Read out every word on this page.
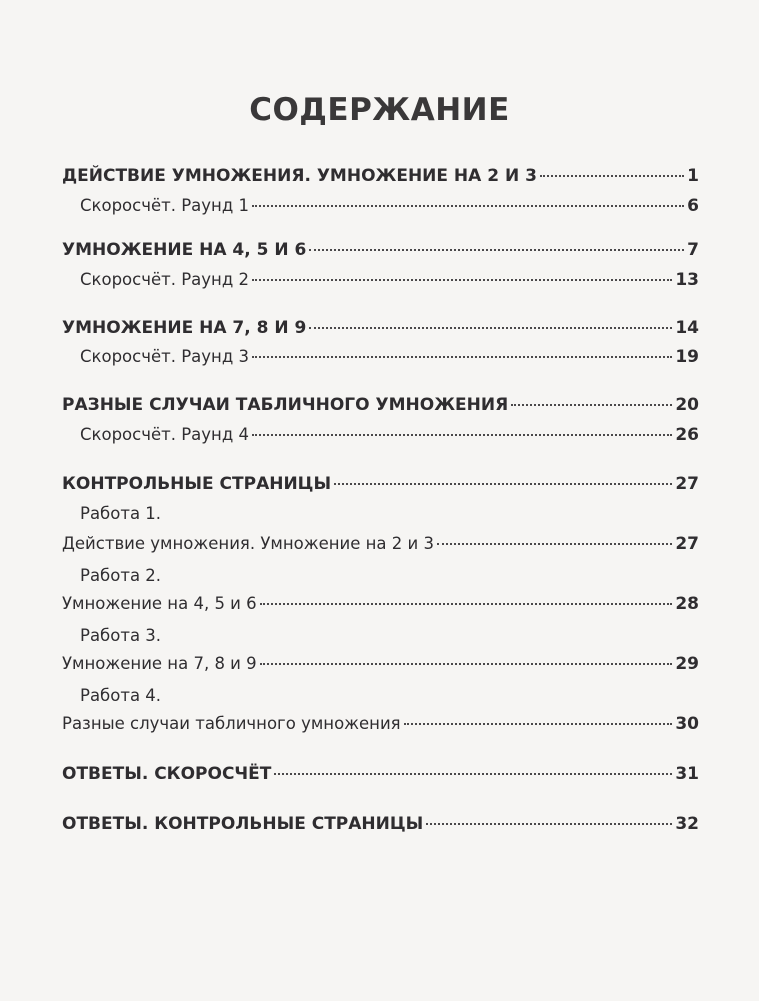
СОДЕРЖАНИЕ
ДЕЙСТВИЕ УМНОЖЕНИЯ. УМНОЖЕНИЕ НА 2 И 3	1
Скоросчёт. Раунд 1	6
УМНОЖЕНИЕ НА 4, 5 И 6	7
Скоросчёт. Раунд 2	13
УМНОЖЕНИЕ НА 7, 8 И 9	14
Скоросчёт. Раунд 3	19
РАЗНЫЕ СЛУЧАИ ТАБЛИЧНОГО УМНОЖЕНИЯ	20
Скоросчёт. Раунд 4	26
КОНТРОЛЬНЫЕ СТРАНИЦЫ	27
Работа 1.
Действие умножения. Умножение на 2 и 3	27
Работа 2.
Умножение на 4, 5 и 6	28
Работа 3.
Умножение на 7, 8 и 9	29
Работа 4.
Разные случаи табличного умножения	30
ОТВЕТЫ. СКОРОСЧЁТ	31
ОТВЕТЫ. КОНТРОЛЬНЫЕ СТРАНИЦЫ	32
